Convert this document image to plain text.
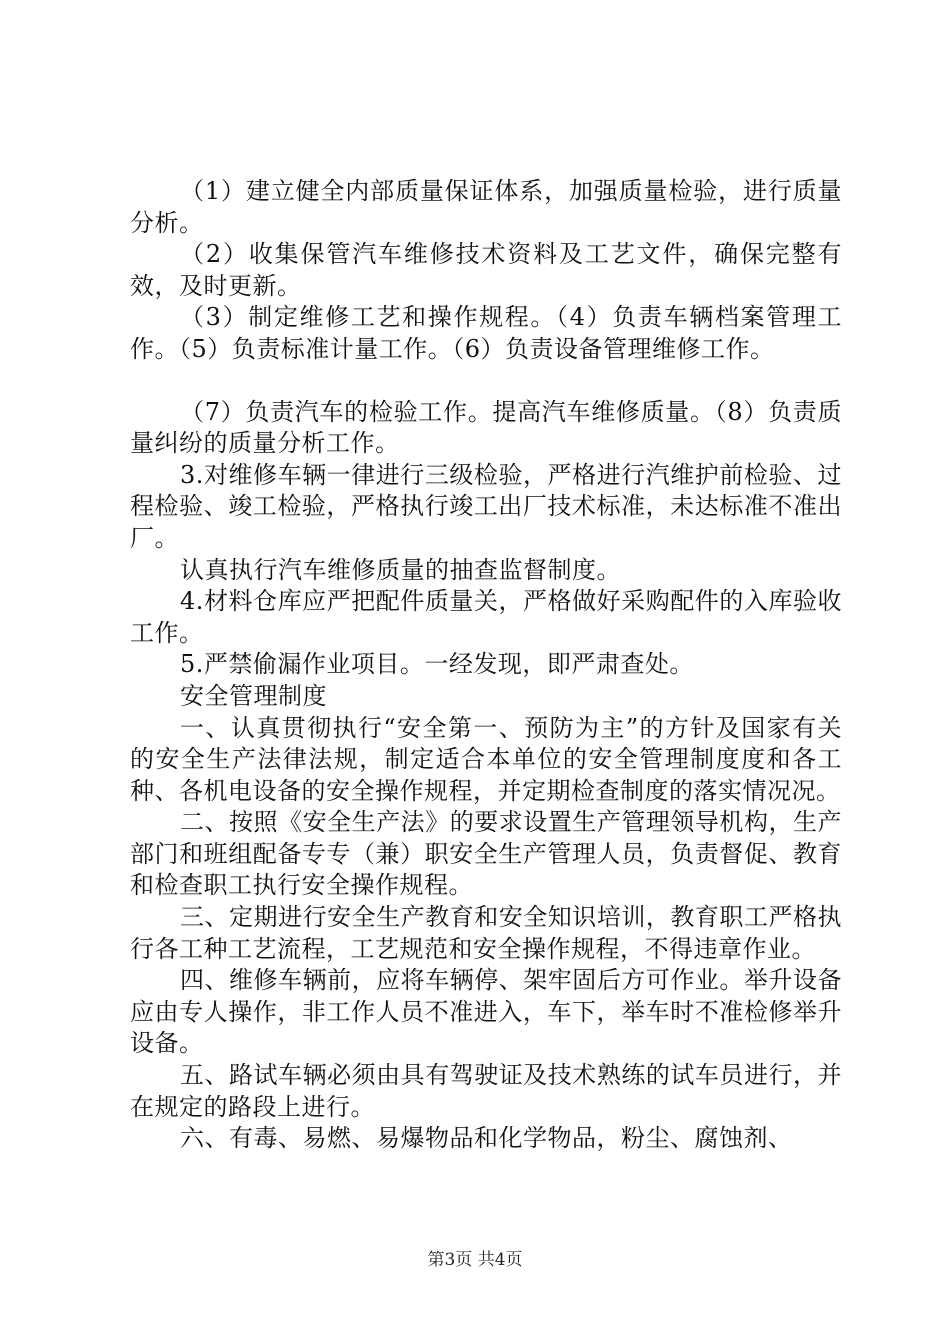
（1）建立健全内部质量保证体系，加强质量检验，进行质量分析。

（2）收集保管汽车维修技术资料及工艺文件，确保完整有效，及时更新。

（3）制定维修工艺和操作规程。（4）负责车辆档案管理工作。（5）负责标准计量工作。（6）负责设备管理维修工作。

（7）负责汽车的检验工作。提高汽车维修质量。（8）负责质量纠纷的质量分析工作。

3.对维修车辆一律进行三级检验，严格进行汽维护前检验、过程检验、竣工检验，严格执行竣工出厂技术标准，未达标准不准出厂。

认真执行汽车维修质量的抽查监督制度。

4.材料仓库应严把配件质量关，严格做好采购配件的入库验收工作。

5.严禁偷漏作业项目。一经发现，即严肃查处。

安全管理制度

一、认真贯彻执行“安全第一、预防为主”的方针及国家有关的安全生产法律法规，制定适合本单位的安全管理制度度和各工种、各机电设备的安全操作规程，并定期检查制度的落实情况况。

二、按照《安全生产法》的要求设置生产管理领导机构，生产部门和班组配备专专（兼）职安全生产管理人员，负责督促、教育和检查职工执行安全操作规程。

三、定期进行安全生产教育和安全知识培训，教育职工严格执行各工种工艺流程，工艺规范和安全操作规程，不得违章作业。

四、维修车辆前，应将车辆停、架牢固后方可作业。举升设备应由专人操作，非工作人员不准进入，车下，举车时不准检修举升设备。

五、路试车辆必须由具有驾驶证及技术熟练的试车员进行，并在规定的路段上进行。

六、有毒、易燃、易爆物品和化学物品，粉尘、腐蚀剂、

第3页 共4页
